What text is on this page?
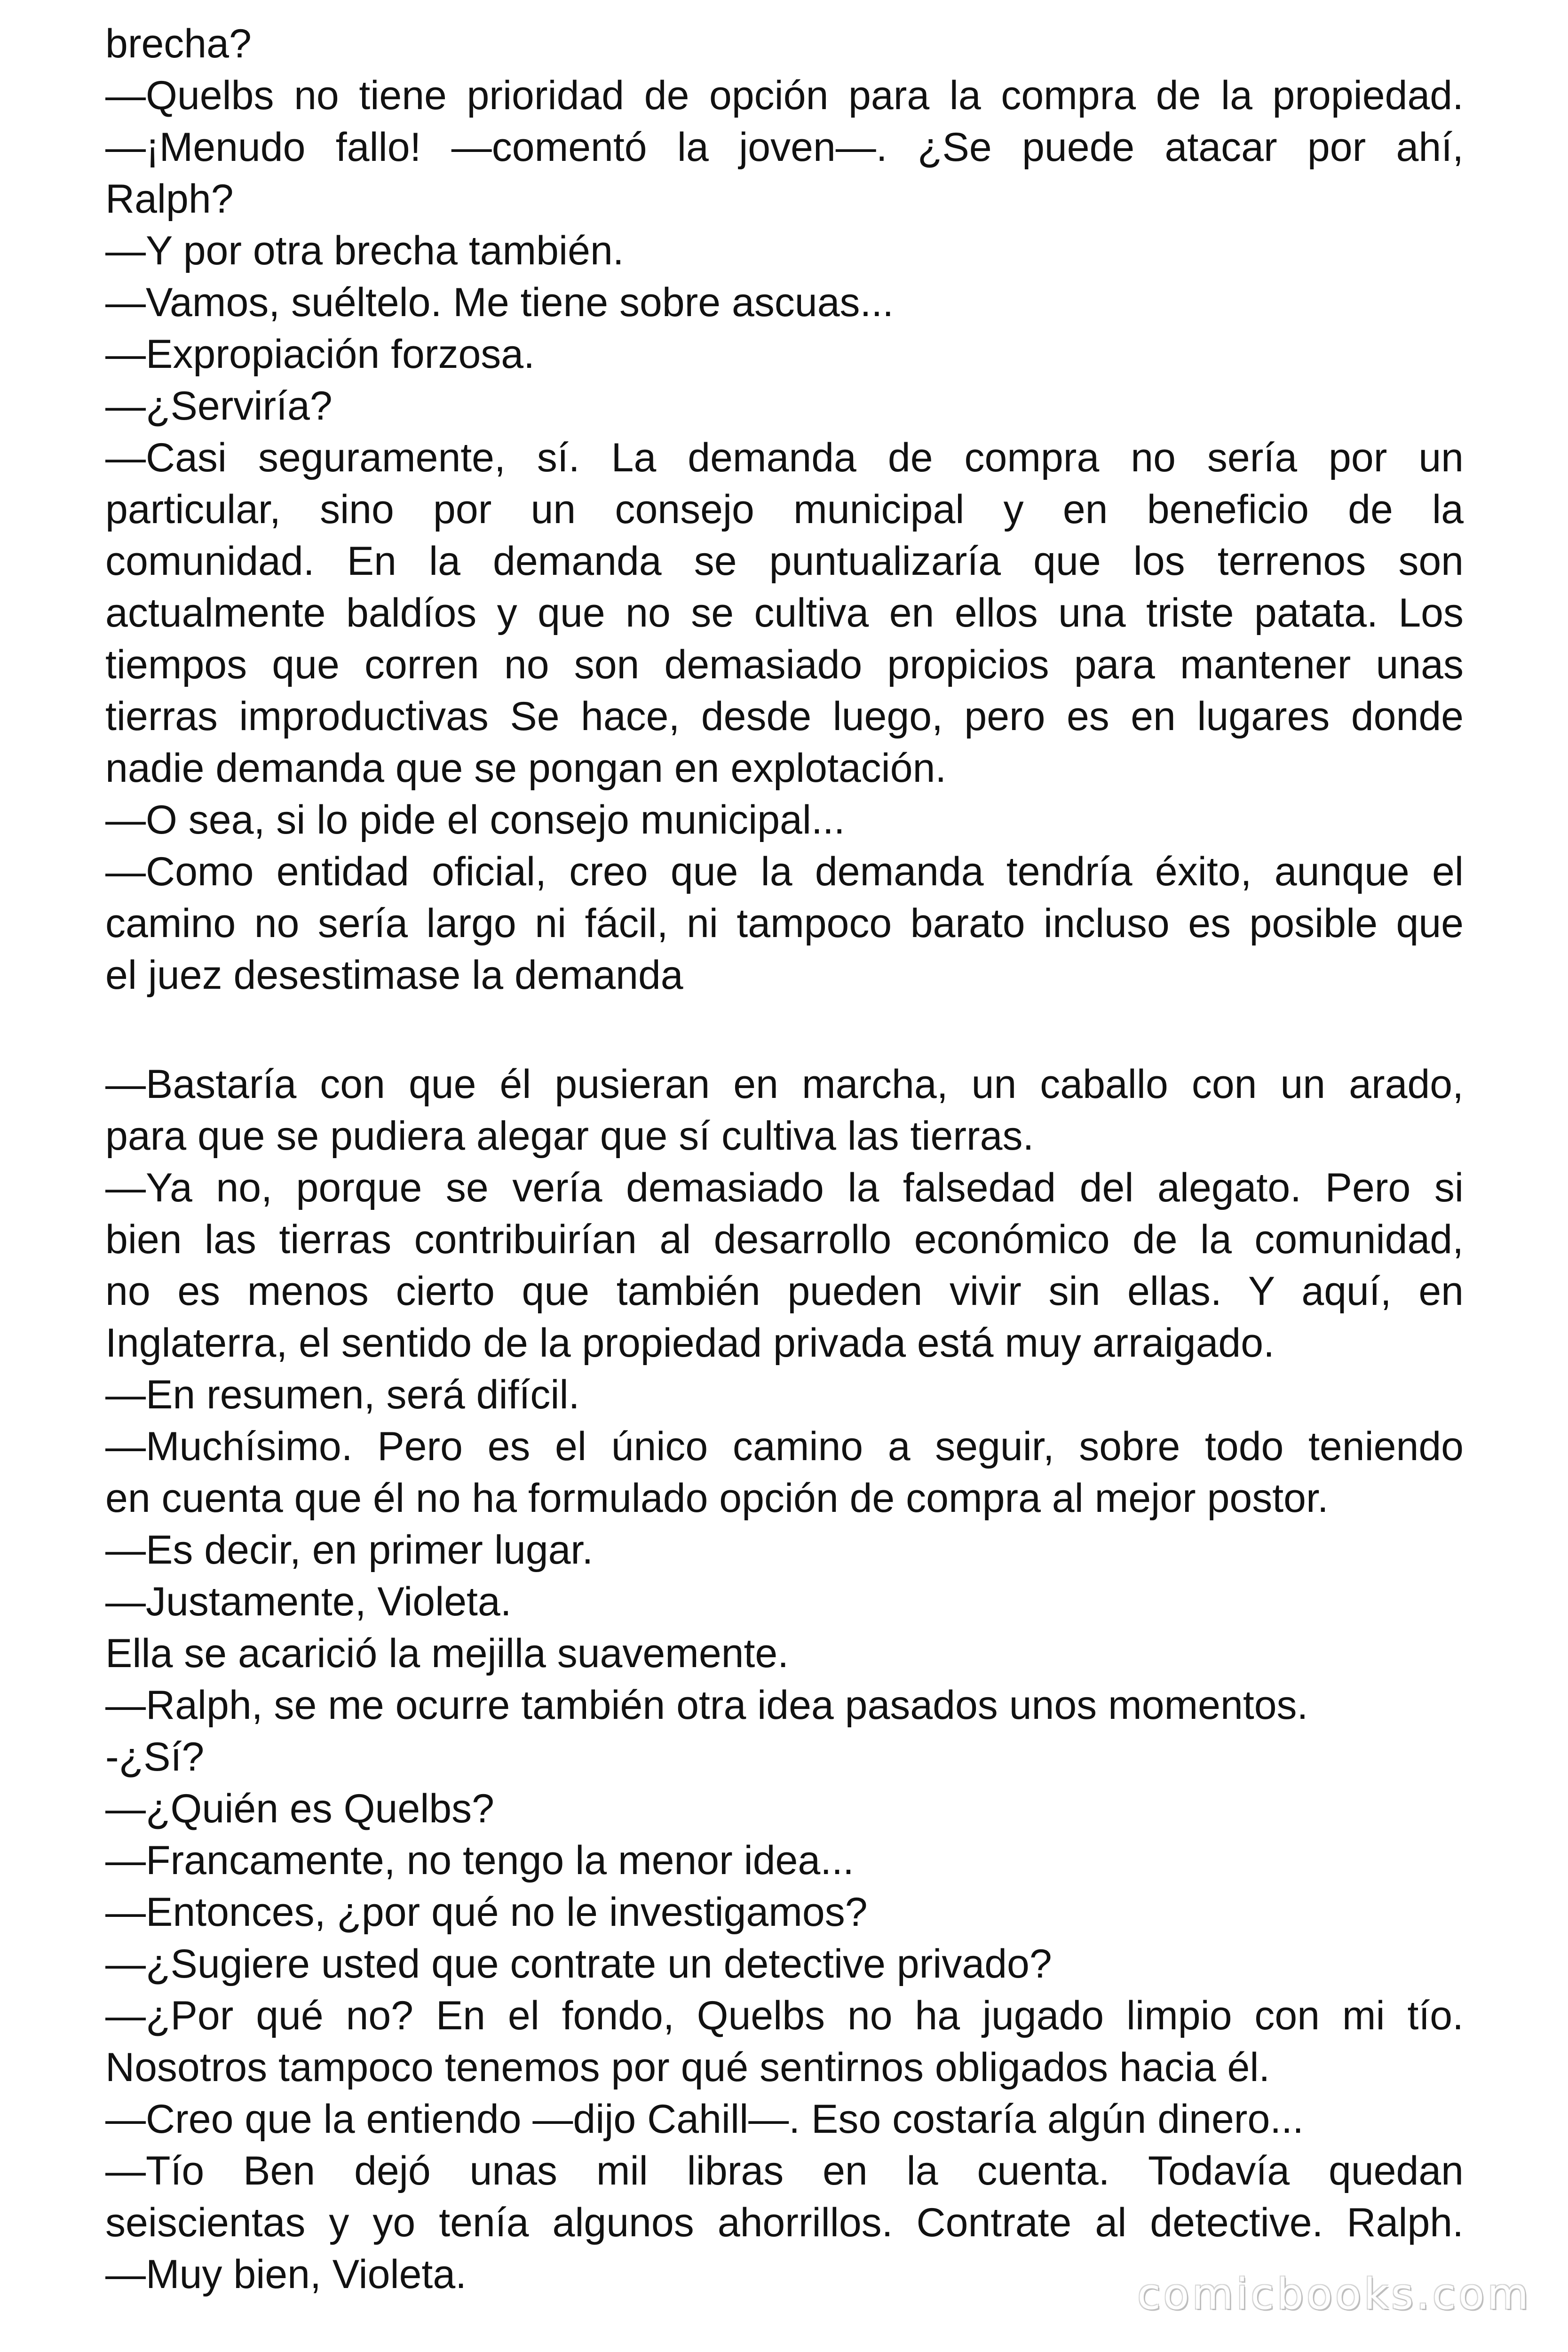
brecha?
—Quelbs no tiene prioridad de opción para la compra de la propiedad.
—¡Menudo fallo! —comentó la joven—. ¿Se puede atacar por ahí,
Ralph?
—Y por otra brecha también.
—Vamos, suéltelo. Me tiene sobre ascuas...
—Expropiación forzosa.
—¿Serviría?
—Casi seguramente, sí. La demanda de compra no sería por un
particular, sino por un consejo municipal y en beneficio de la
comunidad. En la demanda se puntualizaría que los terrenos son
actualmente baldíos y que no se cultiva en ellos una triste patata. Los
tiempos que corren no son demasiado propicios para mantener unas
tierras improductivas Se hace, desde luego, pero es en lugares donde
nadie demanda que se pongan en explotación.
—O sea, si lo pide el consejo municipal...
—Como entidad oficial, creo que la demanda tendría éxito, aunque el
camino no sería largo ni fácil, ni tampoco barato incluso es posible que
el juez desestimase la demanda
—Bastaría con que él pusieran en marcha, un caballo con un arado,
para que se pudiera alegar que sí cultiva las tierras.
—Ya no, porque se vería demasiado la falsedad del alegato. Pero si
bien las tierras contribuirían al desarrollo económico de la comunidad,
no es menos cierto que también pueden vivir sin ellas. Y aquí, en
Inglaterra, el sentido de la propiedad privada está muy arraigado.
—En resumen, será difícil.
—Muchísimo. Pero es el único camino a seguir, sobre todo teniendo
en cuenta que él no ha formulado opción de compra al mejor postor.
—Es decir, en primer lugar.
—Justamente, Violeta.
Ella se acarició la mejilla suavemente.
—Ralph, se me ocurre también otra idea pasados unos momentos.
-¿Sí?
—¿Quién es Quelbs?
—Francamente, no tengo la menor idea...
—Entonces, ¿por qué no le investigamos?
—¿Sugiere usted que contrate un detective privado?
—¿Por qué no? En el fondo, Quelbs no ha jugado limpio con mi tío.
Nosotros tampoco tenemos por qué sentirnos obligados hacia él.
—Creo que la entiendo —dijo Cahill—. Eso costaría algún dinero...
—Tío Ben dejó unas mil libras en la cuenta. Todavía quedan
seiscientas y yo tenía algunos ahorrillos. Contrate al detective. Ralph.
—Muy bien, Violeta.	comicbooks.com
